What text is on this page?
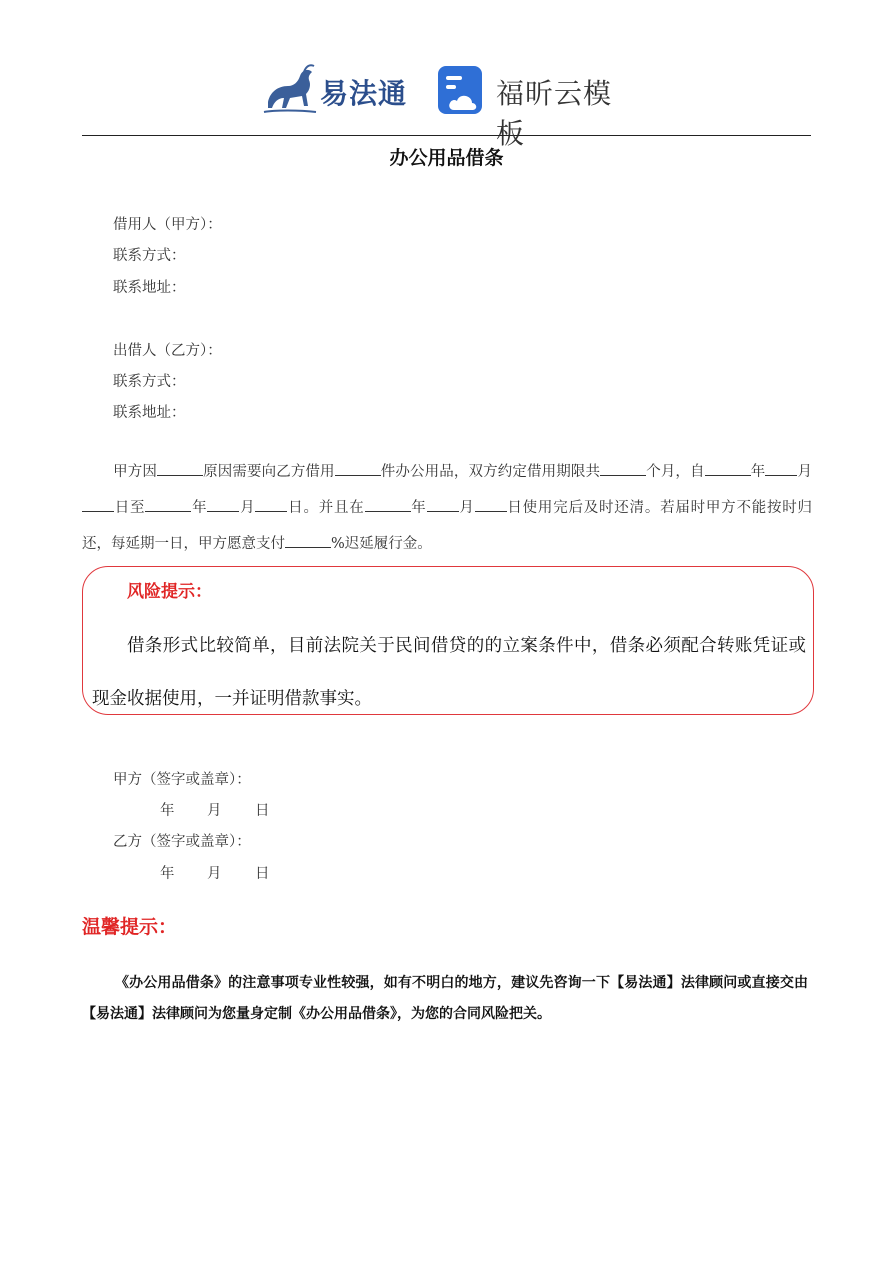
易法通	福昕云模板
办公用品借条
借用人（甲方）：
联系方式：
联系地址：
出借人（乙方）：
联系方式：
联系地址：
甲方因	原因需要向乙方借用	件办公用品，双方约定借用期限共	个月，自	年 月日至	年 月 日。并且在	年 月 日使用完后及时还清。若届时甲方不能按时归还，每延期一日，甲方愿意支付	%迟延履行金。
风险提示：
借条形式比较简单，目前法院关于民间借贷的的立案条件中，借条必须配合转账凭证或现金收据使用，一并证明借款事实。
甲方（签字或盖章）：
年 月 日
乙方（签字或盖章）：
年 月 日
温馨提示：
《办公用品借条》的注意事项专业性较强，如有不明白的地方，建议先咨询一下【易法通】法律顾问或直接交由【易法通】法律顾问为您量身定制《办公用品借条》，为您的合同风险把关。
